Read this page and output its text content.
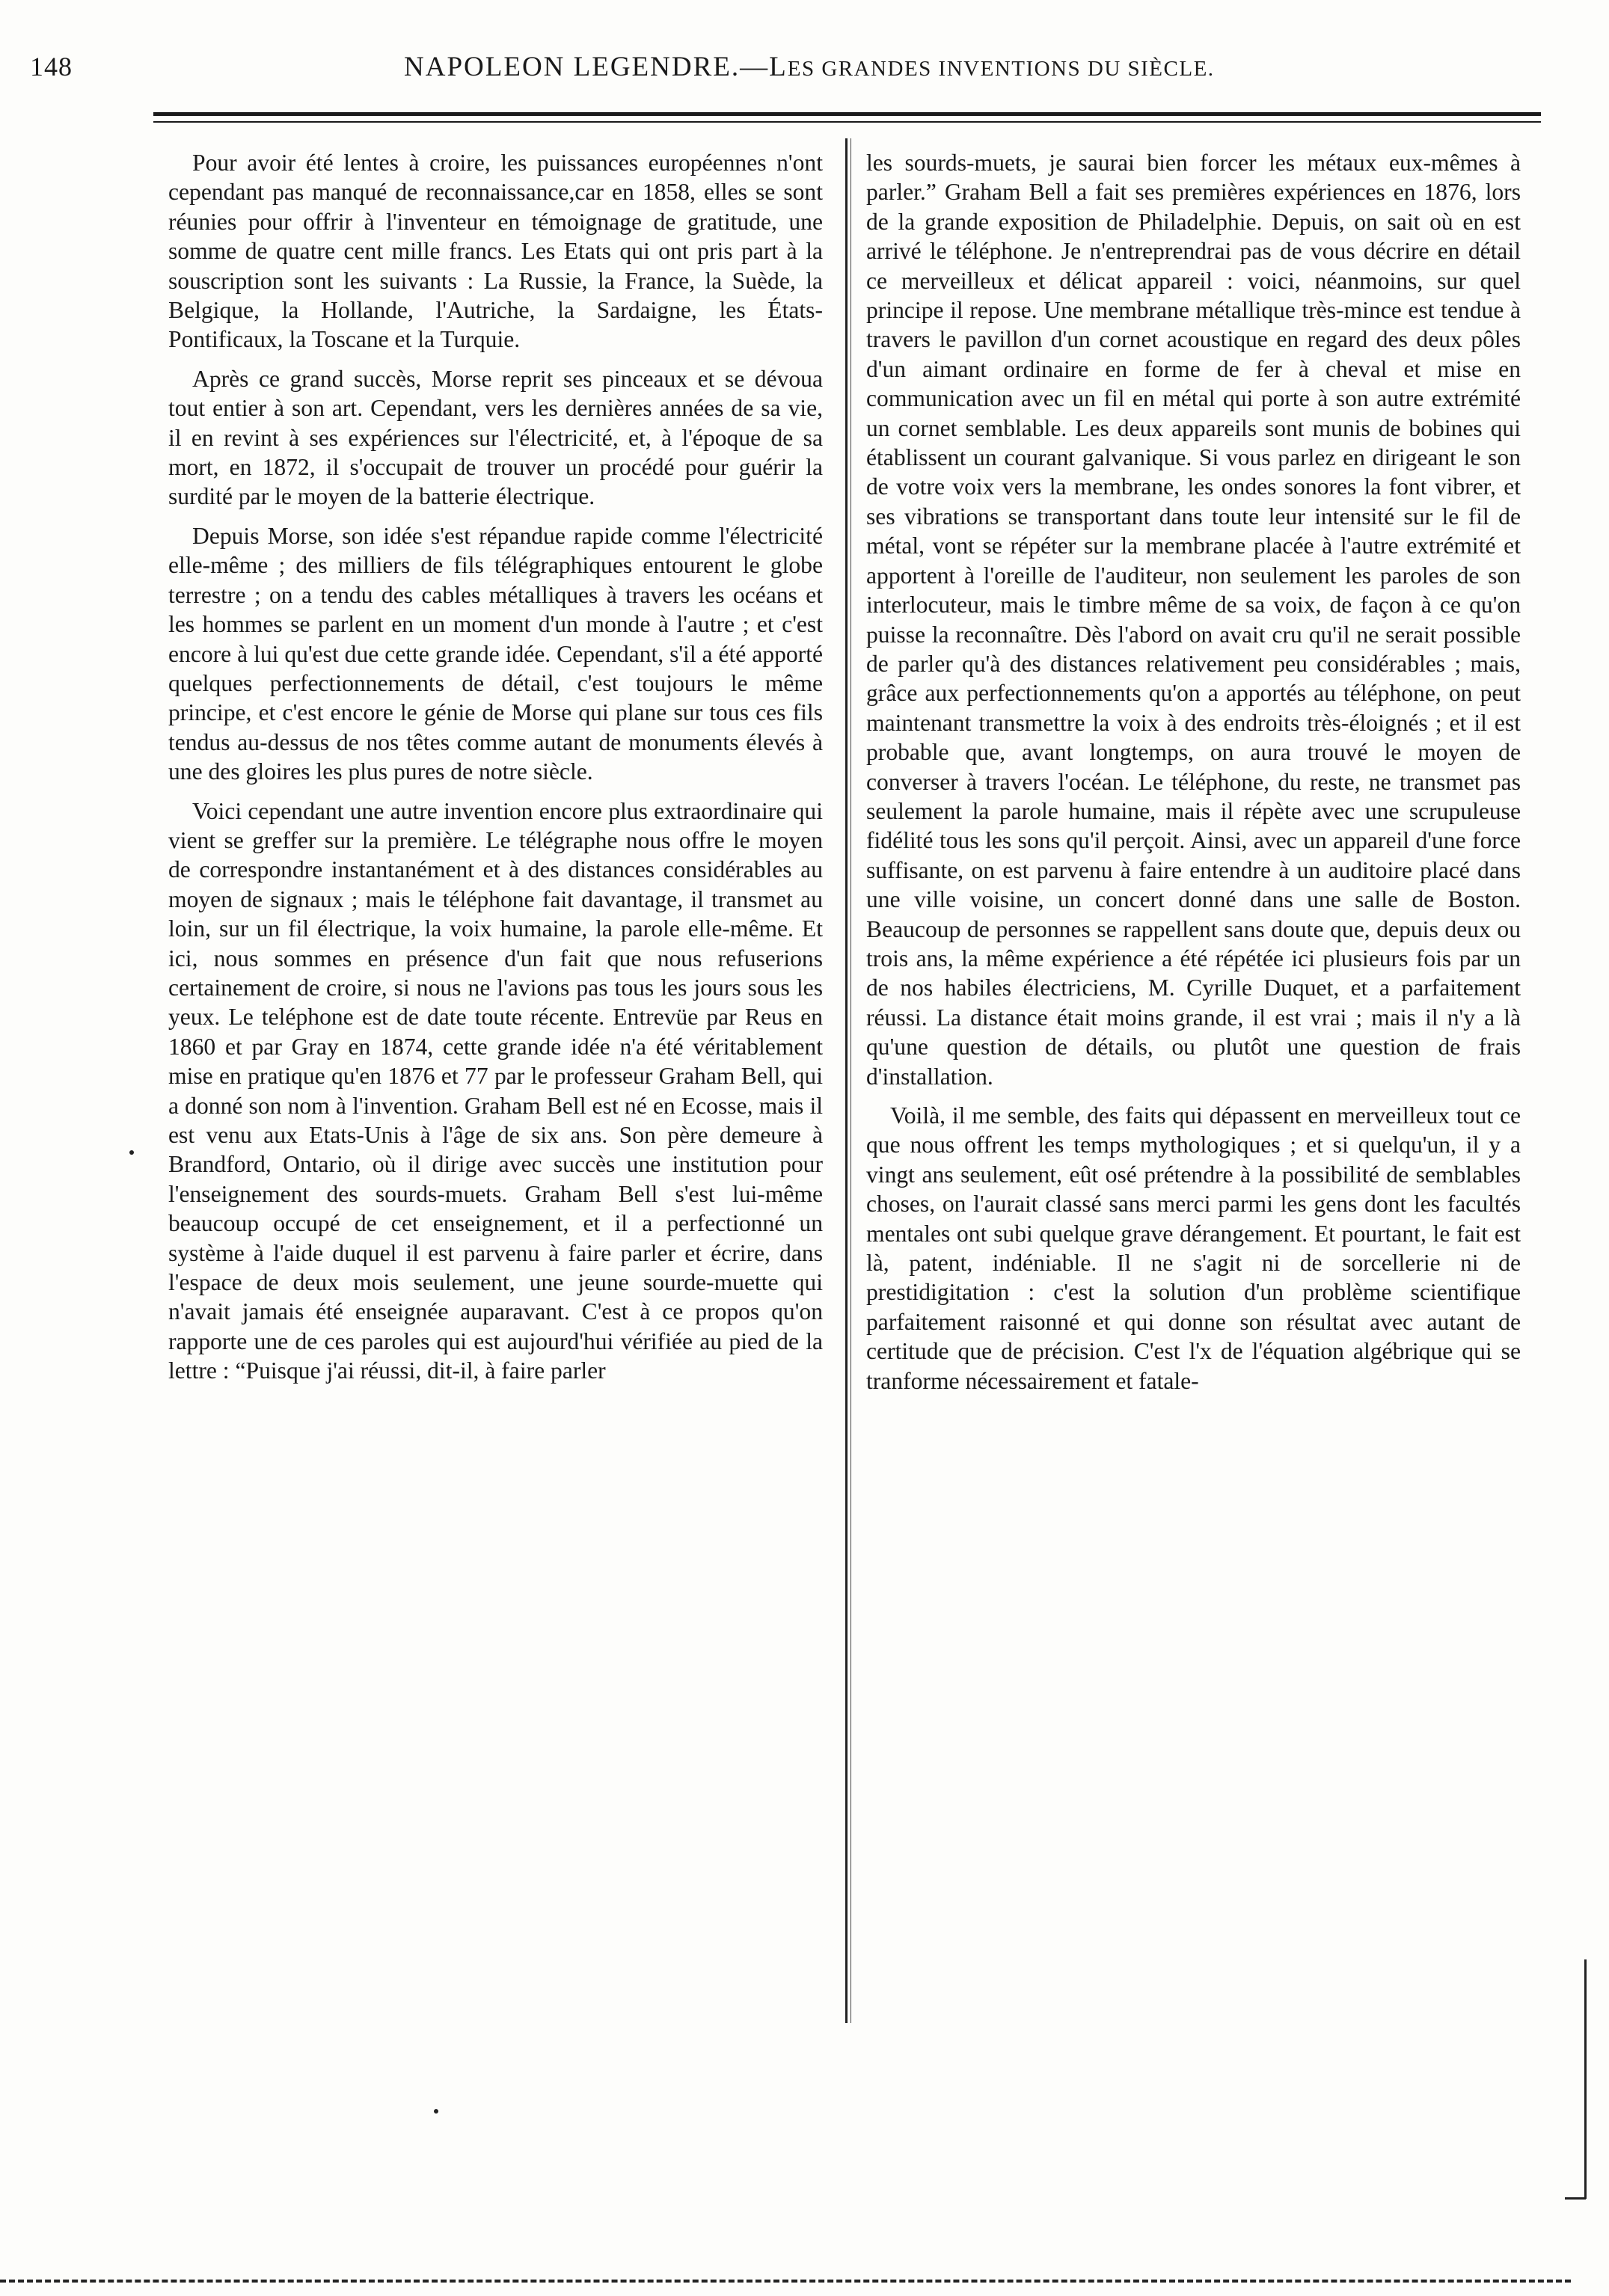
148	NAPOLEON LEGENDRE.—LES GRANDES INVENTIONS DU SIÈCLE.

Pour avoir été lentes à croire, les puissances européennes n'ont cependant pas manqué de reconnaissance,car en 1858, elles se sont réunies pour offrir à l'inventeur en témoignage de gratitude, une somme de quatre cent mille francs. Les Etats qui ont pris part à la souscription sont les suivants : La Russie, la France, la Suède, la Belgique, la Hollande, l'Autriche, la Sardaigne, les États-Pontificaux, la Toscane et la Turquie.

Après ce grand succès, Morse reprit ses pinceaux et se dévoua tout entier à son art. Cependant, vers les dernières années de sa vie, il en revint à ses expériences sur l'électricité, et, à l'époque de sa mort, en 1872, il s'occupait de trouver un procédé pour guérir la surdité par le moyen de la batterie électrique.

Depuis Morse, son idée s'est répandue rapide comme l'électricité elle-même ; des milliers de fils télégraphiques entourent le globe terrestre ; on a tendu des cables métalliques à travers les océans et les hommes se parlent en un moment d'un monde à l'autre ; et c'est encore à lui qu'est due cette grande idée. Cependant, s'il a été apporté quelques perfectionnements de détail, c'est toujours le même principe, et c'est encore le génie de Morse qui plane sur tous ces fils tendus au-dessus de nos têtes comme autant de monuments élevés à une des gloires les plus pures de notre siècle.

Voici cependant une autre invention encore plus extraordinaire qui vient se greffer sur la première. Le télégraphe nous offre le moyen de correspondre instantanément et à des distances considérables au moyen de signaux ; mais le téléphone fait davantage, il transmet au loin, sur un fil électrique, la voix humaine, la parole elle-même. Et ici, nous sommes en présence d'un fait que nous refuserions certainement de croire, si nous ne l'avions pas tous les jours sous les yeux. Le teléphone est de date toute récente. Entrevüe par Reus en 1860 et par Gray en 1874, cette grande idée n'a été véritablement mise en pratique qu'en 1876 et 77 par le professeur Graham Bell, qui a donné son nom à l'invention. Graham Bell est né en Ecosse, mais il est venu aux Etats-Unis à l'âge de six ans. Son père demeure à Brandford, Ontario, où il dirige avec succès une institution pour l'enseignement des sourds-muets. Graham Bell s'est lui-même beaucoup occupé de cet enseignement, et il a perfectionné un système à l'aide duquel il est parvenu à faire parler et écrire, dans l'espace de deux mois seulement, une jeune sourde-muette qui n'avait jamais été enseignée auparavant. C'est à ce propos qu'on rapporte une de ces paroles qui est aujourd'hui vérifiée au pied de la lettre : “Puisque j'ai réussi, dit-il, à faire parler

les sourds-muets, je saurai bien forcer les métaux eux-mêmes à parler.” Graham Bell a fait ses premières expériences en 1876, lors de la grande exposition de Philadelphie. Depuis, on sait où en est arrivé le téléphone. Je n'entreprendrai pas de vous décrire en détail ce merveilleux et délicat appareil : voici, néanmoins, sur quel principe il repose. Une membrane métallique très-mince est tendue à travers le pavillon d'un cornet acoustique en regard des deux pôles d'un aimant ordinaire en forme de fer à cheval et mise en communication avec un fil en métal qui porte à son autre extrémité un cornet semblable. Les deux appareils sont munis de bobines qui établissent un courant galvanique. Si vous parlez en dirigeant le son de votre voix vers la membrane, les ondes sonores la font vibrer, et ses vibrations se transportant dans toute leur intensité sur le fil de métal, vont se répéter sur la membrane placée à l'autre extrémité et apportent à l'oreille de l'auditeur, non seulement les paroles de son interlocuteur, mais le timbre même de sa voix, de façon à ce qu'on puisse la reconnaître. Dès l'abord on avait cru qu'il ne serait possible de parler qu'à des distances relativement peu considérables ; mais, grâce aux perfectionnements qu'on a apportés au téléphone, on peut maintenant transmettre la voix à des endroits très-éloignés ; et il est probable que, avant longtemps, on aura trouvé le moyen de converser à travers l'océan. Le téléphone, du reste, ne transmet pas seulement la parole humaine, mais il répète avec une scrupuleuse fidélité tous les sons qu'il perçoit. Ainsi, avec un appareil d'une force suffisante, on est parvenu à faire entendre à un auditoire placé dans une ville voisine, un concert donné dans une salle de Boston. Beaucoup de personnes se rappellent sans doute que, depuis deux ou trois ans, la même expérience a été répétée ici plusieurs fois par un de nos habiles électriciens, M. Cyrille Duquet, et a parfaitement réussi. La distance était moins grande, il est vrai ; mais il n'y a là qu'une question de détails, ou plutôt une question de frais d'installation.

Voilà, il me semble, des faits qui dépassent en merveilleux tout ce que nous offrent les temps mythologiques ; et si quelqu'un, il y a vingt ans seulement, eût osé prétendre à la possibilité de semblables choses, on l'aurait classé sans merci parmi les gens dont les facultés mentales ont subi quelque grave dérangement. Et pourtant, le fait est là, patent, indéniable. Il ne s'agit ni de sorcellerie ni de prestidigitation : c'est la solution d'un problème scientifique parfaitement raisonné et qui donne son résultat avec autant de certitude que de précision. C'est l'x de l'équation algébrique qui se tranforme nécessairement et fatale-
